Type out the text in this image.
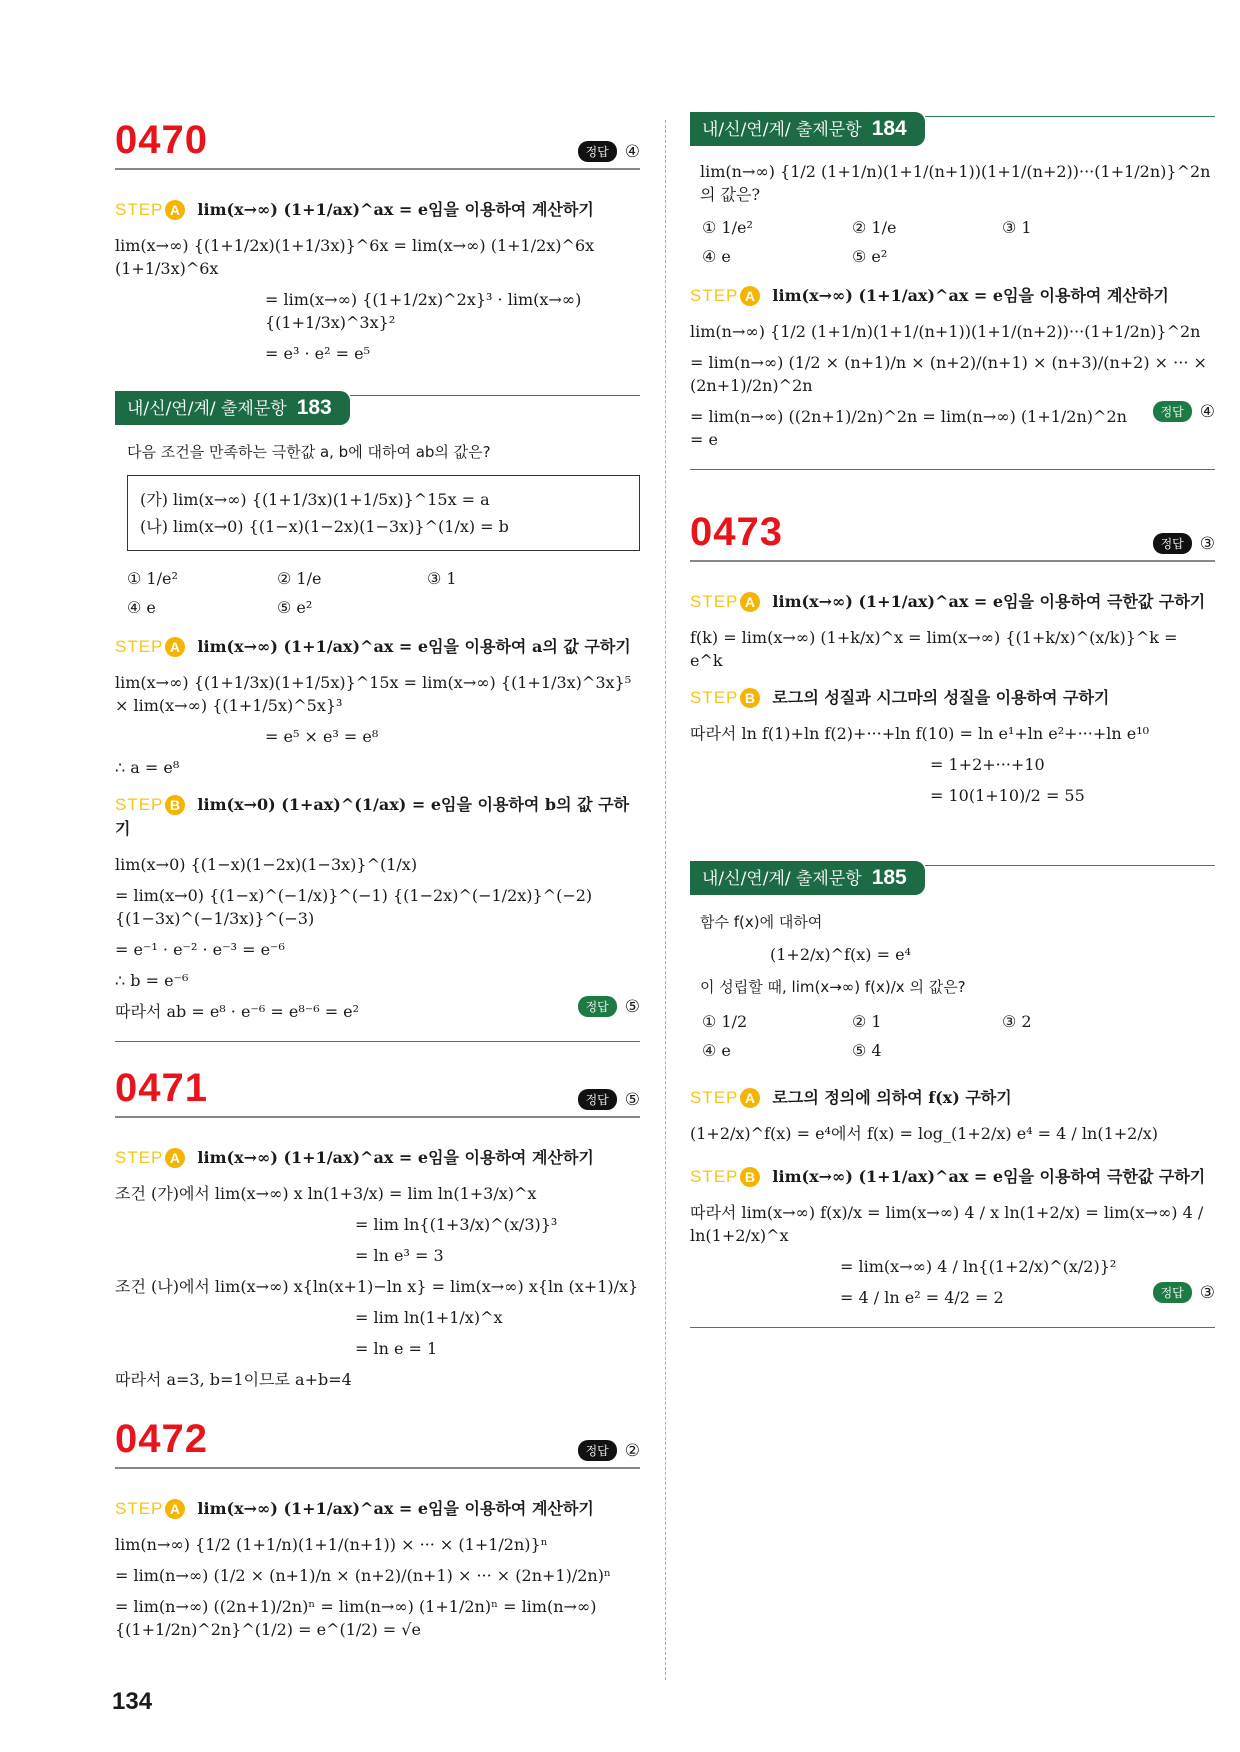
0470	정답 ④
STEP A lim(x→∞) (1+1/ax)^ax = e임을 이용하여 계산하기
lim(x→∞) {(1+1/2x)(1+1/3x)}^6x = lim(x→∞) (1+1/2x)^6x (1+1/3x)^6x
= lim(x→∞) {(1+1/2x)^2x}³ · lim(x→∞) {(1+1/3x)^3x}²
= e³ · e² = e⁵
내/신/연/계/ 출제문항 183
다음 조건을 만족하는 극한값 a, b에 대하여 ab의 값은?
(가) lim(x→∞) {(1+1/3x)(1+1/5x)}^15x = a
(나) lim(x→0) {(1−x)(1−2x)(1−3x)}^(1/x) = b
① 1/e²	② 1/e	③ 1
④ e	⑤ e²
STEP A lim(x→∞) (1+1/ax)^ax = e임을 이용하여 a의 값 구하기
lim(x→∞) {(1+1/3x)(1+1/5x)}^15x = lim(x→∞) {(1+1/3x)^3x}⁵ × lim(x→∞) {(1+1/5x)^5x}³
= e⁵ × e³ = e⁸
∴ a = e⁸
STEP B lim(x→0) (1+ax)^(1/ax) = e임을 이용하여 b의 값 구하기
lim(x→0) {(1−x)(1−2x)(1−3x)}^(1/x)
= lim(x→0) {(1−x)^(−1/x)}^(−1) {(1−2x)^(−1/2x)}^(−2) {(1−3x)^(−1/3x)}^(−3)
= e⁻¹ · e⁻² · e⁻³ = e⁻⁶
∴ b = e⁻⁶
따라서 ab = e⁸ · e⁻⁶ = e⁸⁻⁶ = e²	정답 ⑤
0471	정답 ⑤
STEP A lim(x→∞) (1+1/ax)^ax = e임을 이용하여 계산하기
조건 (가)에서 lim(x→∞) x ln(1+3/x) = lim ln(1+3/x)^x
= lim ln{(1+3/x)^(x/3)}³
= ln e³ = 3
조건 (나)에서 lim(x→∞) x{ln(x+1)−ln x} = lim(x→∞) x{ln (x+1)/x}
= lim ln(1+1/x)^x
= ln e = 1
따라서 a=3, b=1이므로 a+b=4
0472	정답 ②
STEP A lim(x→∞) (1+1/ax)^ax = e임을 이용하여 계산하기
lim(n→∞) {1/2 (1+1/n)(1+1/(n+1)) × ··· × (1+1/2n)}ⁿ
= lim(n→∞) (1/2 × (n+1)/n × (n+2)/(n+1) × ··· × (2n+1)/2n)ⁿ
= lim(n→∞) ((2n+1)/2n)ⁿ = lim(n→∞) (1+1/2n)ⁿ = lim(n→∞) {(1+1/2n)^2n}^(1/2) = e^(1/2) = √e
134
내/신/연/계/ 출제문항 184
lim(n→∞) {1/2 (1+1/n)(1+1/(n+1))(1+1/(n+2))···(1+1/2n)}^2n 의 값은?
① 1/e²	② 1/e	③ 1
④ e	⑤ e²
STEP A lim(x→∞) (1+1/ax)^ax = e임을 이용하여 계산하기
lim(n→∞) {1/2 (1+1/n)(1+1/(n+1))(1+1/(n+2))···(1+1/2n)}^2n
= lim(n→∞) (1/2 × (n+1)/n × (n+2)/(n+1) × (n+3)/(n+2) × ··· × (2n+1)/2n)^2n
= lim(n→∞) ((2n+1)/2n)^2n = lim(n→∞) (1+1/2n)^2n = e
정답 ④
0473	정답 ③
STEP A lim(x→∞) (1+1/ax)^ax = e임을 이용하여 극한값 구하기
f(k) = lim(x→∞) (1+k/x)^x = lim(x→∞) {(1+k/x)^(x/k)}^k = e^k
STEP B 로그의 성질과 시그마의 성질을 이용하여 구하기
따라서 ln f(1)+ln f(2)+···+ln f(10) = ln e¹+ln e²+···+ln e¹⁰
= 1+2+···+10
= 10(1+10)/2 = 55
내/신/연/계/ 출제문항 185
함수 f(x)에 대하여
(1+2/x)^f(x) = e⁴
이 성립할 때, lim(x→∞) f(x)/x 의 값은?
① 1/2	② 1	③ 2
④ e	⑤ 4
STEP A 로그의 정의에 의하여 f(x) 구하기
(1+2/x)^f(x) = e⁴에서 f(x) = log_(1+2/x) e⁴ = 4 / ln(1+2/x)
STEP B lim(x→∞) (1+1/ax)^ax = e임을 이용하여 극한값 구하기
따라서 lim(x→∞) f(x)/x = lim(x→∞) 4 / x ln(1+2/x) = lim(x→∞) 4 / ln(1+2/x)^x
= lim(x→∞) 4 / ln{(1+2/x)^(x/2)}²
= 4 / ln e² = 4/2 = 2	정답 ③
